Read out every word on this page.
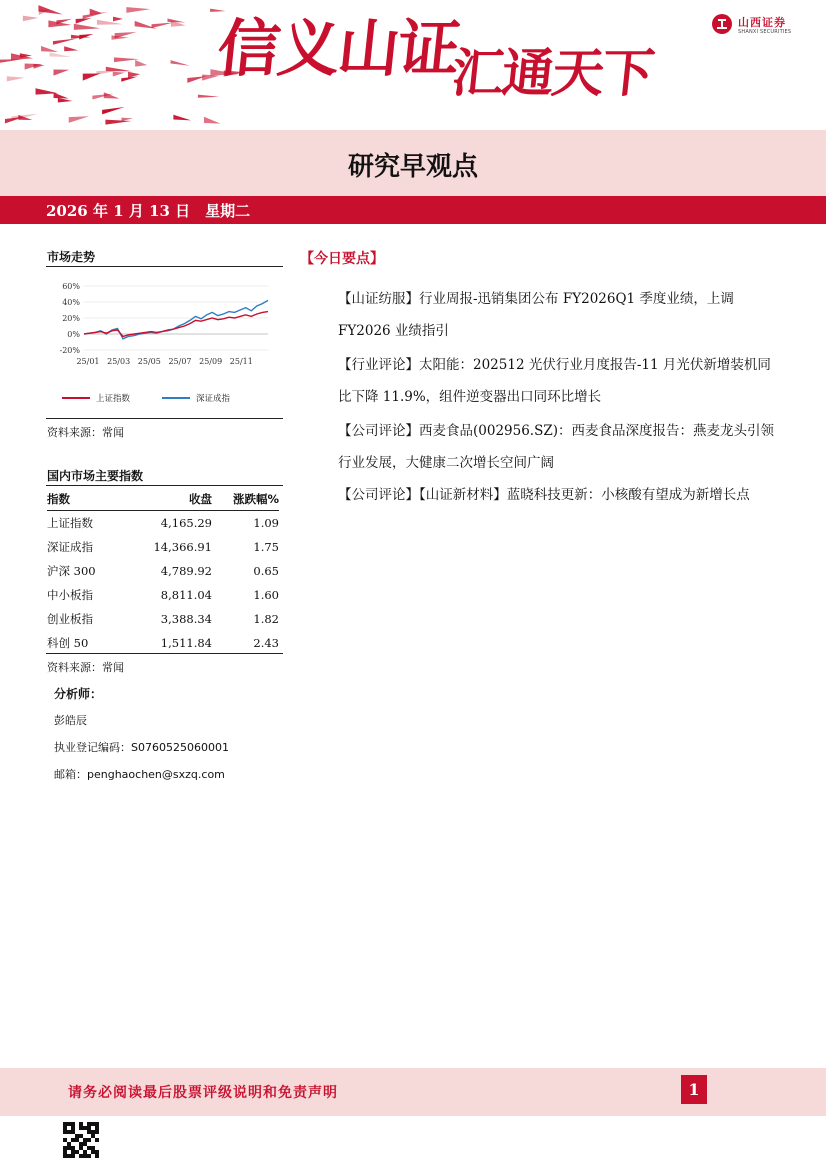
信义山证
汇通天下
山西证券
SHANXI SECURITIES
研究早观点
2026 年 1 月 13 日　星期二
市场走势
60%
40%
20%
0%
-20%
25/01 25/03 25/05 25/07 25/09 25/11
上证指数	深证成指
资料来源：常闻
国内市场主要指数
指数	收盘	涨跌幅%
上证指数	4,165.29	1.09
深证成指	14,366.91	1.75
沪深 300	4,789.92	0.65
中小板指	8,811.04	1.60
创业板指	3,388.34	1.82
科创 50	1,511.84	2.43
资料来源：常闻
分析师：
彭皓辰
执业登记编码：S0760525060001
邮箱：penghaochen@sxzq.com
【今日要点】
【山证纺服】行业周报-迅销集团公布 FY2026Q1 季度业绩，上调 FY2026 业绩指引
【行业评论】太阳能：202512 光伏行业月度报告-11 月光伏新增装机同比下降 11.9%，组件逆变器出口同环比增长
【公司评论】西麦食品(002956.SZ)：西麦食品深度报告：燕麦龙头引领行业发展，大健康二次增长空间广阔
【公司评论】【山证新材料】蓝晓科技更新：小核酸有望成为新增长点
请务必阅读最后股票评级说明和免责声明	1
